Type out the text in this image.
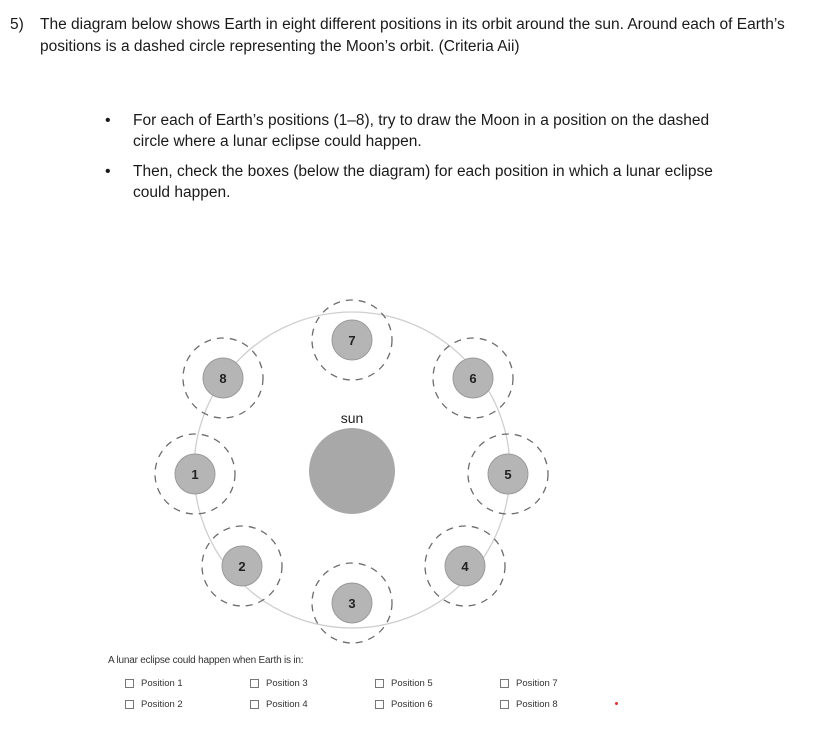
5) The diagram below shows Earth in eight different positions in its orbit around the sun. Around each of Earth’s positions is a dashed circle representing the Moon’s orbit. (Criteria Aii)
• For each of Earth’s positions (1–8), try to draw the Moon in a position on the dashed circle where a lunar eclipse could happen.
• Then, check the boxes (below the diagram) for each position in which a lunar eclipse could happen.
sun
1
2
3
4
5
6
7
8
A lunar eclipse could happen when Earth is in:
Position 1
Position 2
Position 3
Position 4
Position 5
Position 6
Position 7
Position 8
